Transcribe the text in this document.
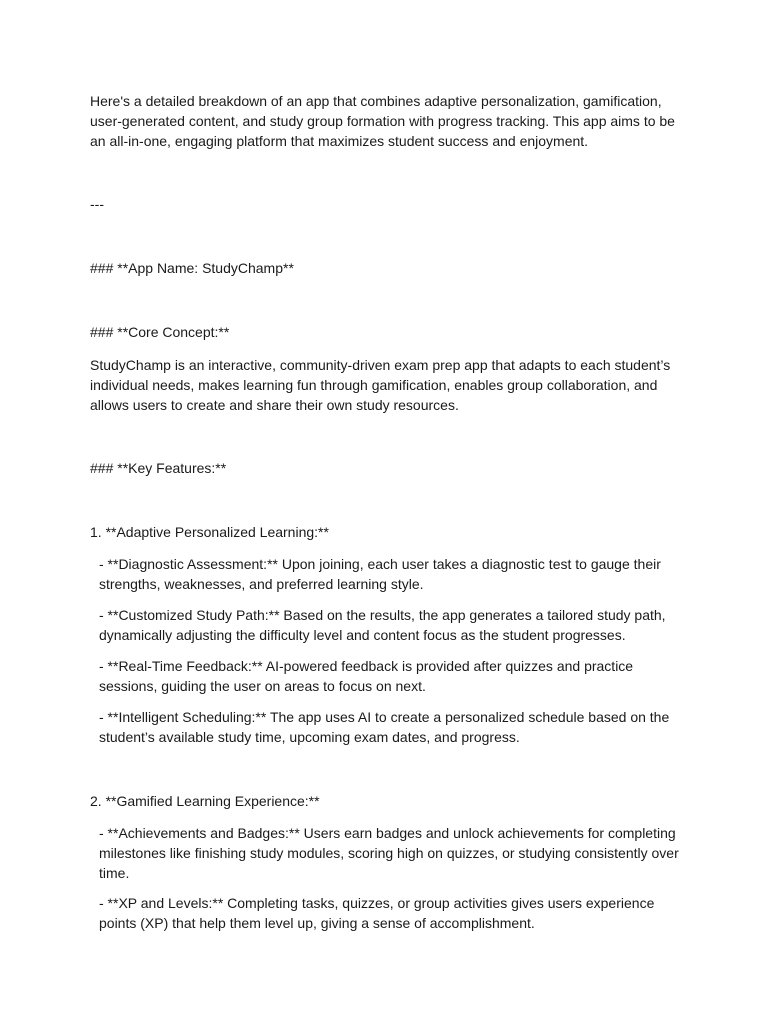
Here's a detailed breakdown of an app that combines adaptive personalization, gamification, user-generated content, and study group formation with progress tracking. This app aims to be an all-in-one, engaging platform that maximizes student success and enjoyment.

---

### **App Name: StudyChamp**

### **Core Concept:**

StudyChamp is an interactive, community-driven exam prep app that adapts to each student’s individual needs, makes learning fun through gamification, enables group collaboration, and allows users to create and share their own study resources.

### **Key Features:**

1. **Adaptive Personalized Learning:**

- **Diagnostic Assessment:** Upon joining, each user takes a diagnostic test to gauge their strengths, weaknesses, and preferred learning style.

- **Customized Study Path:** Based on the results, the app generates a tailored study path, dynamically adjusting the difficulty level and content focus as the student progresses.

- **Real-Time Feedback:** AI-powered feedback is provided after quizzes and practice sessions, guiding the user on areas to focus on next.

- **Intelligent Scheduling:** The app uses AI to create a personalized schedule based on the student’s available study time, upcoming exam dates, and progress.

2. **Gamified Learning Experience:**

- **Achievements and Badges:** Users earn badges and unlock achievements for completing milestones like finishing study modules, scoring high on quizzes, or studying consistently over time.

- **XP and Levels:** Completing tasks, quizzes, or group activities gives users experience points (XP) that help them level up, giving a sense of accomplishment.
